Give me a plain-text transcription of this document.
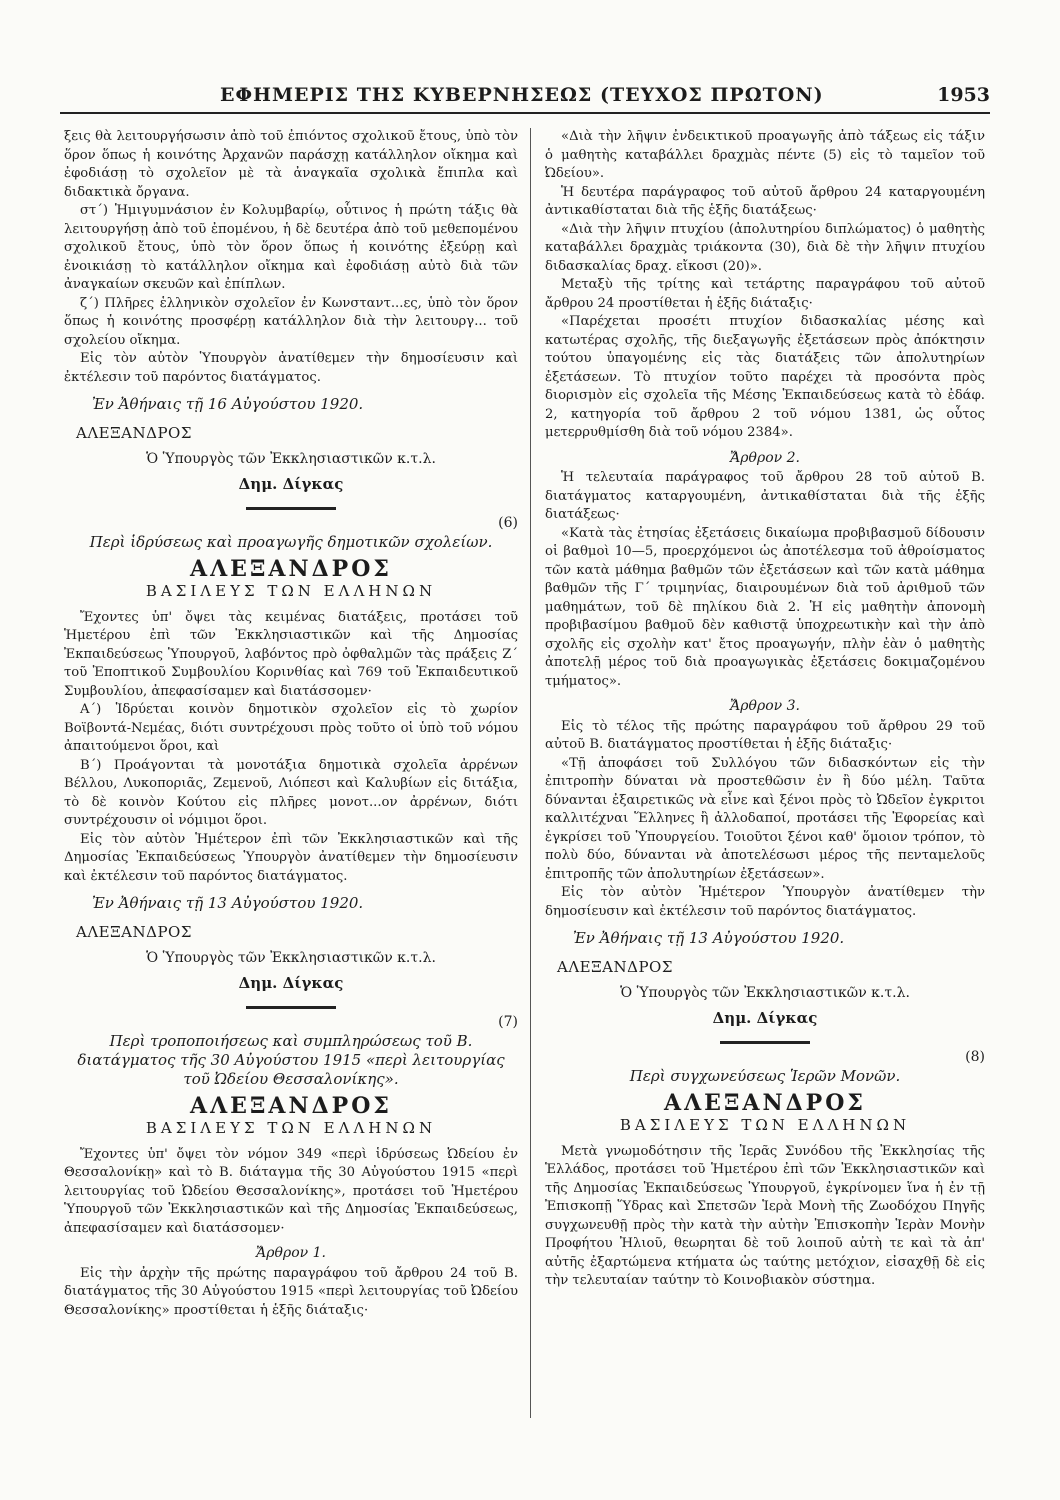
ΕΦΗΜΕΡΙΣ ΤΗΣ ΚΥΒΕΡΝΗΣΕΩΣ (ΤΕΥΧΟΣ ΠΡΩΤΟΝ)	1953

ξεις θὰ λειτουργήσωσιν ἀπὸ τοῦ ἐπιόντος σχολικοῦ ἔτους, ὑπὸ τὸν ὅρον ὅπως ἡ κοινότης Ἀρχανῶν παράσχῃ κατάλληλον οἴκημα καὶ ἐφοδιάσῃ τὸ σχολεῖον μὲ τὰ ἀναγκαῖα σχολικὰ ἔπιπλα καὶ διδακτικὰ ὄργανα.

στ΄) Ἡμιγυμνάσιον ἐν Κολυμβαρίῳ, οὗτινος ἡ πρώτη τάξις θὰ λειτουργήσῃ ἀπὸ τοῦ ἐπομένου, ἡ δὲ δευτέρα ἀπὸ τοῦ μεθεπομένου σχολικοῦ ἔτους, ὑπὸ τὸν ὅρον ὅπως ἡ κοινότης ἐξεύρῃ καὶ ἐνοικιάσῃ τὸ κατάλληλον οἴκημα καὶ ἐφοδιάσῃ αὐτὸ διὰ τῶν ἀναγκαίων σκευῶν καὶ ἐπίπλων.

ζ΄) Πλῆρες ἑλληνικὸν σχολεῖον ἐν Κωνσταντ...ες, ὑπὸ τὸν ὅρον ὅπως ἡ κοινότης προσφέρῃ κατάλληλον διὰ τὴν λειτουργ... τοῦ σχολείου οἴκημα.

Εἰς τὸν αὐτὸν Ὑπουργὸν ἀνατίθεμεν τὴν δημοσίευσιν καὶ ἐκτέλεσιν τοῦ παρόντος διατάγματος.

Ἐν Ἀθήναις τῇ 16 Αὐγούστου 1920.
ΑΛΕΞΑΝΔΡΟΣ
Ὁ Ὑπουργὸς τῶν Ἐκκλησιαστικῶν κ.τ.λ.
Δημ. Δίγκας
(6)
Περὶ ἱδρύσεως καὶ προαγωγῆς δημοτικῶν σχολείων.
ΑΛΕΞΑΝΔΡΟΣ
ΒΑΣΙΛΕΥΣ ΤΩΝ ΕΛΛΗΝΩΝ

Ἔχοντες ὑπ' ὄψει τὰς κειμένας διατάξεις, προτάσει τοῦ Ἡμετέρου ἐπὶ τῶν Ἐκκλησιαστικῶν καὶ τῆς Δημοσίας Ἐκπαιδεύσεως Ὑπουργοῦ, λαβόντος πρὸ ὀφθαλμῶν τὰς πράξεις Ζ΄ τοῦ Ἐποπτικοῦ Συμβουλίου Κορινθίας καὶ 769 τοῦ Ἐκπαιδευτικοῦ Συμβουλίου, ἀπεφασίσαμεν καὶ διατάσσομεν·

Α΄) Ἱδρύεται κοινὸν δημοτικὸν σχολεῖον εἰς τὸ χωρίον Βοϊβοντά-Νεμέας, διότι συντρέχουσι πρὸς τοῦτο οἱ ὑπὸ τοῦ νόμου ἀπαιτούμενοι ὅροι, καὶ

Β΄) Προάγονται τὰ μονοτάξια δημοτικὰ σχολεῖα ἀρρένων Βέλλου, Λυκοποριᾶς, Ζεμενοῦ, Λιόπεσι καὶ Καλυβίων εἰς διτάξια, τὸ δὲ κοινὸν Κούτου εἰς πλῆρες μονοτ...ον ἀρρένων, διότι συντρέχουσιν οἱ νόμιμοι ὅροι.

Εἰς τὸν αὐτὸν Ἡμέτερον ἐπὶ τῶν Ἐκκλησιαστικῶν καὶ τῆς Δημοσίας Ἐκπαιδεύσεως Ὑπουργὸν ἀνατίθεμεν τὴν δημοσίευσιν καὶ ἐκτέλεσιν τοῦ παρόντος διατάγματος.

Ἐν Ἀθήναις τῇ 13 Αὐγούστου 1920.
ΑΛΕΞΑΝΔΡΟΣ
Ὁ Ὑπουργὸς τῶν Ἐκκλησιαστικῶν κ.τ.λ.
Δημ. Δίγκας
(7)
Περὶ τροποποιήσεως καὶ συμπληρώσεως τοῦ Β. διατάγματος τῆς 30 Αὐγούστου 1915 «περὶ λειτουργίας τοῦ Ὠδείου Θεσσαλονίκης».
ΑΛΕΞΑΝΔΡΟΣ
ΒΑΣΙΛΕΥΣ ΤΩΝ ΕΛΛΗΝΩΝ

Ἔχοντες ὑπ' ὄψει τὸν νόμον 349 «περὶ ἱδρύσεως Ὠδείου ἐν Θεσσαλονίκῃ» καὶ τὸ Β. διάταγμα τῆς 30 Αὐγούστου 1915 «περὶ λειτουργίας τοῦ Ὠδείου Θεσσαλονίκης», προτάσει τοῦ Ἡμετέρου Ὑπουργοῦ τῶν Ἐκκλησιαστικῶν καὶ τῆς Δημοσίας Ἐκπαιδεύσεως, ἀπεφασίσαμεν καὶ διατάσσομεν·

Ἄρθρον 1.

Εἰς τὴν ἀρχὴν τῆς πρώτης παραγράφου τοῦ ἄρθρου 24 τοῦ Β. διατάγματος τῆς 30 Αὐγούστου 1915 «περὶ λειτουργίας τοῦ Ὠδείου Θεσσαλονίκης» προστίθεται ἡ ἑξῆς διάταξις·

«Διὰ τὴν λῆψιν ἐνδεικτικοῦ προαγωγῆς ἀπὸ τάξεως εἰς τάξιν ὁ μαθητὴς καταβάλλει δραχμὰς πέντε (5) εἰς τὸ ταμεῖον τοῦ Ὠδείου».

Ἡ δευτέρα παράγραφος τοῦ αὐτοῦ ἄρθρου 24 καταργουμένη ἀντικαθίσταται διὰ τῆς ἑξῆς διατάξεως·

«Διὰ τὴν λῆψιν πτυχίου (ἀπολυτηρίου διπλώματος) ὁ μαθητὴς καταβάλλει δραχμὰς τριάκοντα (30), διὰ δὲ τὴν λῆψιν πτυχίου διδασκαλίας δραχ. εἴκοσι (20)».

Μεταξὺ τῆς τρίτης καὶ τετάρτης παραγράφου τοῦ αὐτοῦ ἄρθρου 24 προστίθεται ἡ ἑξῆς διάταξις·

«Παρέχεται προσέτι πτυχίον διδασκαλίας μέσης καὶ κατωτέρας σχολῆς, τῆς διεξαγωγῆς ἐξετάσεων πρὸς ἀπόκτησιν τούτου ὑπαγομένης εἰς τὰς διατάξεις τῶν ἀπολυτηρίων ἐξετάσεων. Τὸ πτυχίον τοῦτο παρέχει τὰ προσόντα πρὸς διορισμὸν εἰς σχολεῖα τῆς Μέσης Ἐκπαιδεύσεως κατὰ τὸ ἐδάφ. 2, κατηγορία τοῦ ἄρθρου 2 τοῦ νόμου 1381, ὡς οὗτος μετερρυθμίσθη διὰ τοῦ νόμου 2384».

Ἄρθρον 2.

Ἡ τελευταία παράγραφος τοῦ ἄρθρου 28 τοῦ αὐτοῦ Β. διατάγματος καταργουμένη, ἀντικαθίσταται διὰ τῆς ἑξῆς διατάξεως·

«Κατὰ τὰς ἐτησίας ἐξετάσεις δικαίωμα προβιβασμοῦ δίδουσιν οἱ βαθμοὶ 10—5, προερχόμενοι ὡς ἀποτέλεσμα τοῦ ἀθροίσματος τῶν κατὰ μάθημα βαθμῶν τῶν ἐξετάσεων καὶ τῶν κατὰ μάθημα βαθμῶν τῆς Γ΄ τριμηνίας, διαιρουμένων διὰ τοῦ ἀριθμοῦ τῶν μαθημάτων, τοῦ δὲ πηλίκου διὰ 2. Ἡ εἰς μαθητὴν ἀπονομὴ προβιβασίμου βαθμοῦ δὲν καθιστᾷ ὑποχρεωτικὴν καὶ τὴν ἀπὸ σχολῆς εἰς σχολὴν κατ' ἔτος προαγωγήν, πλὴν ἐὰν ὁ μαθητὴς ἀποτελῇ μέρος τοῦ διὰ προαγωγικὰς ἐξετάσεις δοκιμαζομένου τμήματος».

Ἄρθρον 3.

Εἰς τὸ τέλος τῆς πρώτης παραγράφου τοῦ ἄρθρου 29 τοῦ αὐτοῦ Β. διατάγματος προστίθεται ἡ ἑξῆς διάταξις·

«Τῇ ἀποφάσει τοῦ Συλλόγου τῶν διδασκόντων εἰς τὴν ἐπιτροπὴν δύναται νὰ προστεθῶσιν ἐν ἢ δύο μέλη. Ταῦτα δύνανται ἐξαιρετικῶς νὰ εἶνε καὶ ξένοι πρὸς τὸ Ὠδεῖον ἐγκριτοι καλλιτέχναι Ἕλληνες ἢ ἀλλοδαποί, προτάσει τῆς Ἐφορείας καὶ ἐγκρίσει τοῦ Ὑπουργείου. Τοιοῦτοι ξένοι καθ' ὅμοιον τρόπον, τὸ πολὺ δύο, δύνανται νὰ ἀποτελέσωσι μέρος τῆς πενταμελοῦς ἐπιτροπῆς τῶν ἀπολυτηρίων ἐξετάσεων».

Εἰς τὸν αὐτὸν Ἡμέτερον Ὑπουργὸν ἀνατίθεμεν τὴν δημοσίευσιν καὶ ἐκτέλεσιν τοῦ παρόντος διατάγματος.

Ἐν Ἀθήναις τῇ 13 Αὐγούστου 1920.
ΑΛΕΞΑΝΔΡΟΣ
Ὁ Ὑπουργὸς τῶν Ἐκκλησιαστικῶν κ.τ.λ.
Δημ. Δίγκας
(8)
Περὶ συγχωνεύσεως Ἱερῶν Μονῶν.
ΑΛΕΞΑΝΔΡΟΣ
ΒΑΣΙΛΕΥΣ ΤΩΝ ΕΛΛΗΝΩΝ

Μετὰ γνωμοδότησιν τῆς Ἱερᾶς Συνόδου τῆς Ἐκκλησίας τῆς Ἑλλάδος, προτάσει τοῦ Ἡμετέρου ἐπὶ τῶν Ἐκκλησιαστικῶν καὶ τῆς Δημοσίας Ἐκπαιδεύσεως Ὑπουργοῦ, ἐγκρίνομεν ἵνα ἡ ἐν τῇ Ἐπισκοπῇ Ὕδρας καὶ Σπετσῶν Ἱερὰ Μονὴ τῆς Ζωοδόχου Πηγῆς συγχωνευθῇ πρὸς τὴν κατὰ τὴν αὐτὴν Ἐπισκοπὴν Ἱερὰν Μονὴν Προφήτου Ἠλιοῦ, θεωρηται δὲ τοῦ λοιποῦ αὐτὴ τε καὶ τὰ ἀπ' αὐτῆς ἐξαρτώμενα κτήματα ὡς ταύτης μετόχιον, εἰσαχθῇ δὲ εἰς τὴν τελευταίαν ταύτην τὸ Κοινοβιακὸν σύστημα.
